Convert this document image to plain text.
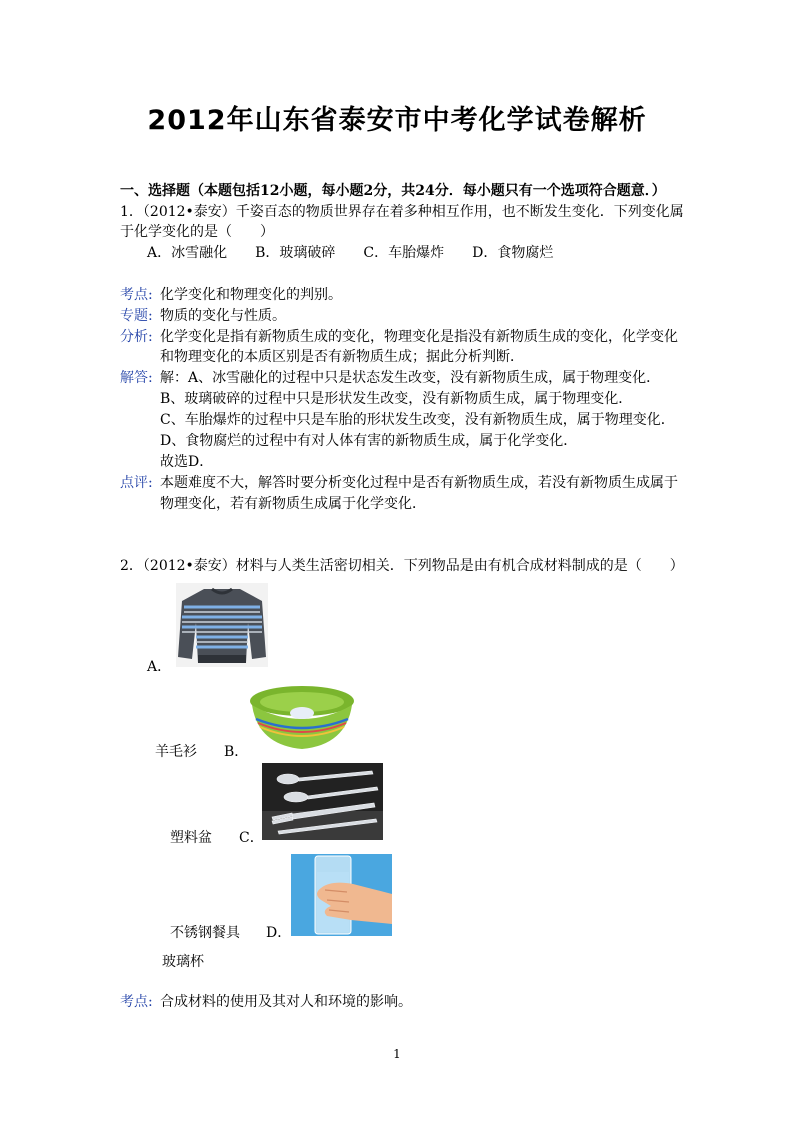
2012年山东省泰安市中考化学试卷解析
一、选择题（本题包括12小题，每小题2分，共24分．每小题只有一个选项符合题意．）
1．（2012•泰安）千姿百态的物质世界存在着多种相互作用，也不断发生变化．下列变化属
于化学变化的是（　　）
A．冰雪融化　　B．玻璃破碎　　C．车胎爆炸　　D．食物腐烂
考点: 化学变化和物理变化的判别。
专题: 物质的变化与性质。
分析: 化学变化是指有新物质生成的变化，物理变化是指没有新物质生成的变化，化学变化
和物理变化的本质区别是否有新物质生成；据此分析判断．
解答: 解：A、冰雪融化的过程中只是状态发生改变，没有新物质生成，属于物理变化．
B、玻璃破碎的过程中只是形状发生改变，没有新物质生成，属于物理变化．
C、车胎爆炸的过程中只是车胎的形状发生改变，没有新物质生成，属于物理变化．
D、食物腐烂的过程中有对人体有害的新物质生成，属于化学变化．
故选D．
点评: 本题难度不大，解答时要分析变化过程中是否有新物质生成，若没有新物质生成属于
物理变化，若有新物质生成属于化学变化．
2．（2012•泰安）材料与人类生活密切相关．下列物品是由有机合成材料制成的是（　　）
A．
羊毛衫 B．
塑料盆 C．
不锈钢餐具 D．
玻璃杯
考点: 合成材料的使用及其对人和环境的影响。
1
